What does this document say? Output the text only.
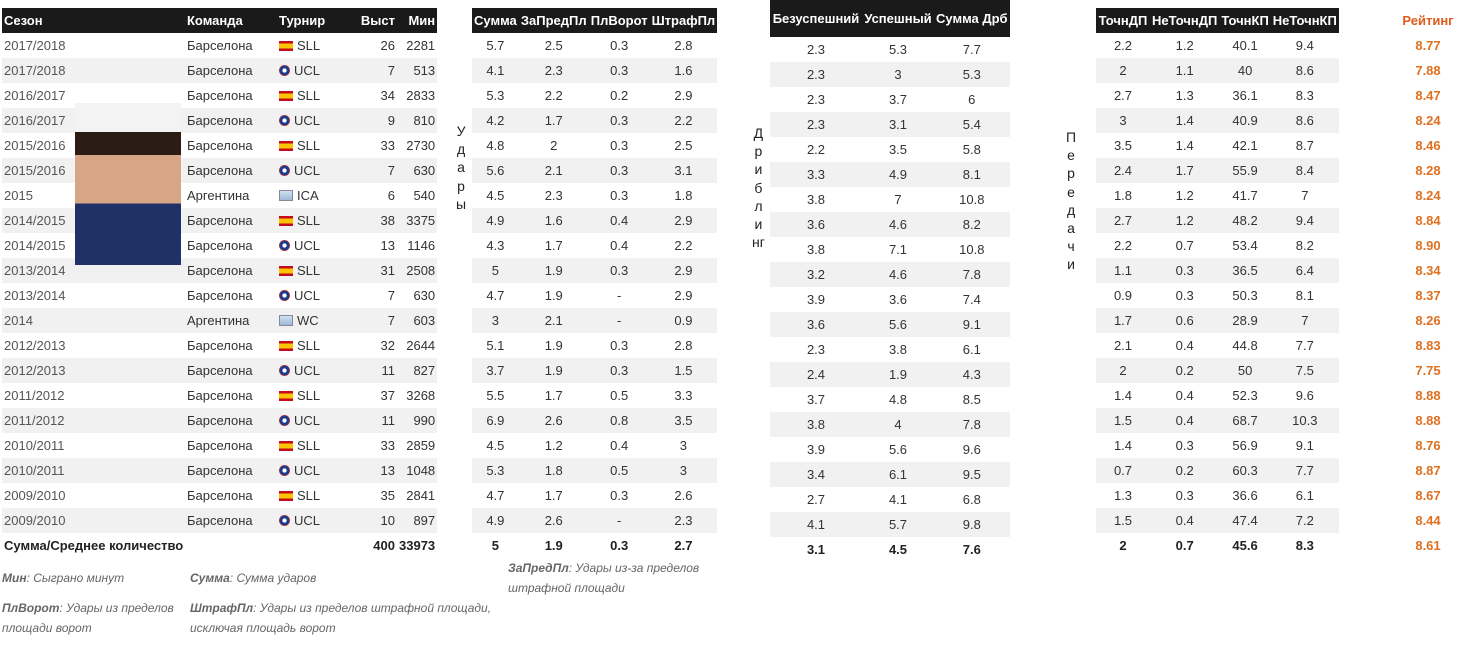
Сезон	Команда	Турнир	Выст	Мин
2017/2018	Барселона	SLL	26	2281
2017/2018	Барселона	UCL	7	513
2016/2017	Барселона	SLL	34	2833
2016/2017	Барселона	UCL	9	810
2015/2016	Барселона	SLL	33	2730
2015/2016	Барселона	UCL	7	630
2015	Аргентина	ICA	6	540
2014/2015	Барселона	SLL	38	3375
2014/2015	Барселона	UCL	13	1146
2013/2014	Барселона	SLL	31	2508
2013/2014	Барселона	UCL	7	630
2014	Аргентина	WC	7	603
2012/2013	Барселона	SLL	32	2644
2012/2013	Барселона	UCL	11	827
2011/2012	Барселона	SLL	37	3268
2011/2012	Барселона	UCL	11	990
2010/2011	Барселона	SLL	33	2859
2010/2011	Барселона	UCL	13	1048
2009/2010	Барселона	SLL	35	2841
2009/2010	Барселона	UCL	10	897
Сумма/Среднее количество			400	33973
У
д
а
р
ы
Сумма	ЗаПредПл	ПлВорот	ШтрафПл
5.7	2.5	0.3	2.8
4.1	2.3	0.3	1.6
5.3	2.2	0.2	2.9
4.2	1.7	0.3	2.2
4.8	2	0.3	2.5
5.6	2.1	0.3	3.1
4.5	2.3	0.3	1.8
4.9	1.6	0.4	2.9
4.3	1.7	0.4	2.2
5	1.9	0.3	2.9
4.7	1.9	-	2.9
3	2.1	-	0.9
5.1	1.9	0.3	2.8
3.7	1.9	0.3	1.5
5.5	1.7	0.5	3.3
6.9	2.6	0.8	3.5
4.5	1.2	0.4	3
5.3	1.8	0.5	3
4.7	1.7	0.3	2.6
4.9	2.6	-	2.3
5	1.9	0.3	2.7
Д
р
и
б
л
и
нг
Безуспешний	Успешный	Сумма Дрб
2.3	5.3	7.7
2.3	3	5.3
2.3	3.7	6
2.3	3.1	5.4
2.2	3.5	5.8
3.3	4.9	8.1
3.8	7	10.8
3.6	4.6	8.2
3.8	7.1	10.8
3.2	4.6	7.8
3.9	3.6	7.4
3.6	5.6	9.1
2.3	3.8	6.1
2.4	1.9	4.3
3.7	4.8	8.5
3.8	4	7.8
3.9	5.6	9.6
3.4	6.1	9.5
2.7	4.1	6.8
4.1	5.7	9.8
3.1	4.5	7.6
П
е
р
е
д
а
ч
и
ТочнДП	НеТочнДП	ТочнКП	НеТочнКП
2.2	1.2	40.1	9.4
2	1.1	40	8.6
2.7	1.3	36.1	8.3
3	1.4	40.9	8.6
3.5	1.4	42.1	8.7
2.4	1.7	55.9	8.4
1.8	1.2	41.7	7
2.7	1.2	48.2	9.4
2.2	0.7	53.4	8.2
1.1	0.3	36.5	6.4
0.9	0.3	50.3	8.1
1.7	0.6	28.9	7
2.1	0.4	44.8	7.7
2	0.2	50	7.5
1.4	0.4	52.3	9.6
1.5	0.4	68.7	10.3
1.4	0.3	56.9	9.1
0.7	0.2	60.3	7.7
1.3	0.3	36.6	6.1
1.5	0.4	47.4	7.2
2	0.7	45.6	8.3
Рейтинг
8.77
7.88
8.47
8.24
8.46
8.28
8.24
8.84
8.90
8.34
8.37
8.26
8.83
7.75
8.88
8.88
8.76
8.87
8.67
8.44
8.61
Мин: Сыграно минут
ПлВорот: Удары из пределов площади ворот
Сумма: Сумма ударов
ШтрафПл: Удары из пределов штрафной площади, исключая площадь ворот
ЗаПредПл: Удары из-за пределов штрафной площади
